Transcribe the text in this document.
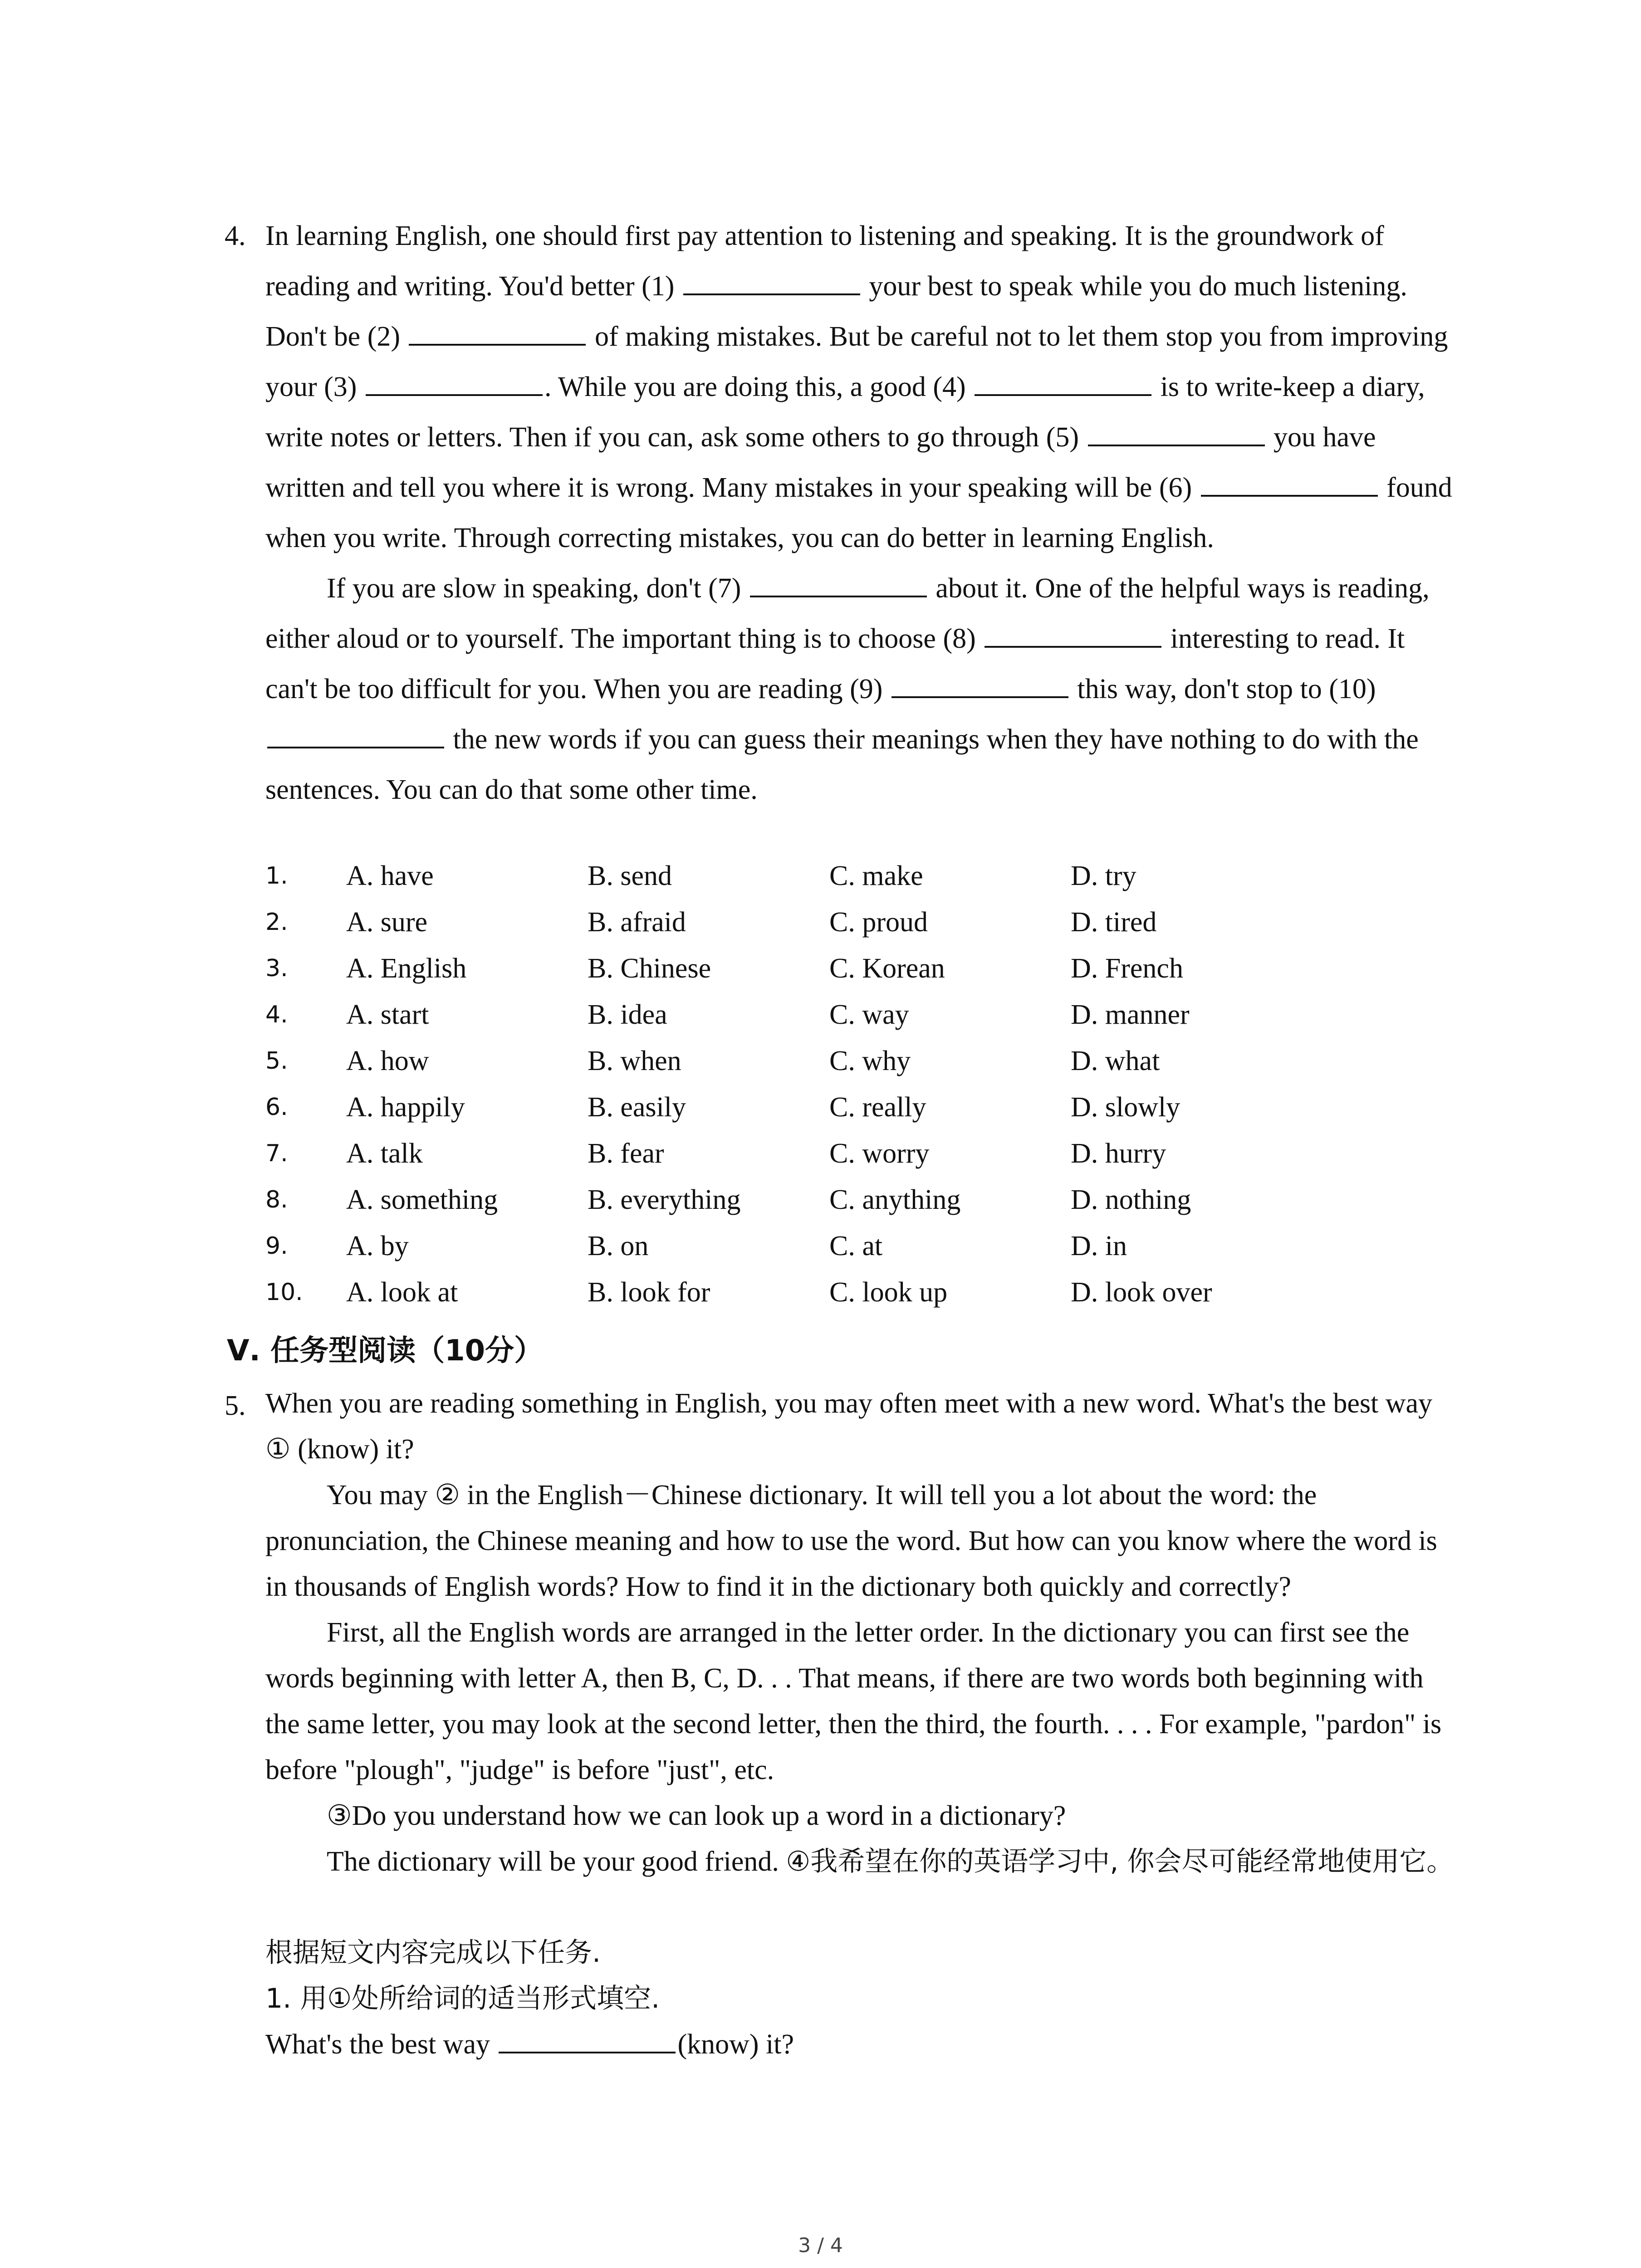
4. In learning English, one should first pay attention to listening and speaking. It is the groundwork of reading and writing. You'd better (1)	your best to speak while you do much listening. Don't be (2)	of making mistakes. But be careful not to let them stop you from improving your (3)	. While you are doing this, a good (4)	is to write-keep a diary, write notes or letters. Then if you can, ask some others to go through (5)	you have written and tell you where it is wrong. Many mistakes in your speaking will be (6)	found when you write. Through correcting mistakes, you can do better in learning English.

If you are slow in speaking, don't (7)	about it. One of the helpful ways is reading, either aloud or to yourself. The important thing is to choose (8)	interesting to read. It can't be too difficult for you. When you are reading (9)	this way, don't stop to (10)  the new words if you can guess their meanings when they have nothing to do with the sentences. You can do that some other time.

1. A. have	B. send	C. make	D. try
2. A. sure	B. afraid	C. proud	D. tired
3. A. English	B. Chinese	C. Korean	D. French
4. A. start	B. idea	C. way	D. manner
5. A. how	B. when	C. why	D. what
6. A. happily	B. easily	C. really	D. slowly
7. A. talk	B. fear	C. worry	D. hurry
8. A. something	B. everything	C. anything	D. nothing
9. A. by	B. on	C. at	D. in
10. A. look at	B. look for	C. look up	D. look over
Ⅴ. 任务型阅读（10分）
5. When you are reading something in English, you may often meet with a new word. What's the best way ① (know) it?

You may ② in the English－Chinese dictionary. It will tell you a lot about the word: the pronunciation, the Chinese meaning and how to use the word. But how can you know where the word is in thousands of English words? How to find it in the dictionary both quickly and correctly?

First, all the English words are arranged in the letter order. In the dictionary you can first see the words beginning with letter A, then B, C, D. . . That means, if there are two words both beginning with the same letter, you may look at the second letter, then the third, the fourth. . . . For example, "pardon" is before "plough", "judge" is before "just", etc.

③Do you understand how we can look up a word in a dictionary?

The dictionary will be your good friend. ④我希望在你的英语学习中, 你会尽可能经常地使用它。

根据短文内容完成以下任务.

1. 用①处所给词的适当形式填空.

What's the best way	(know) it?

3 / 4
